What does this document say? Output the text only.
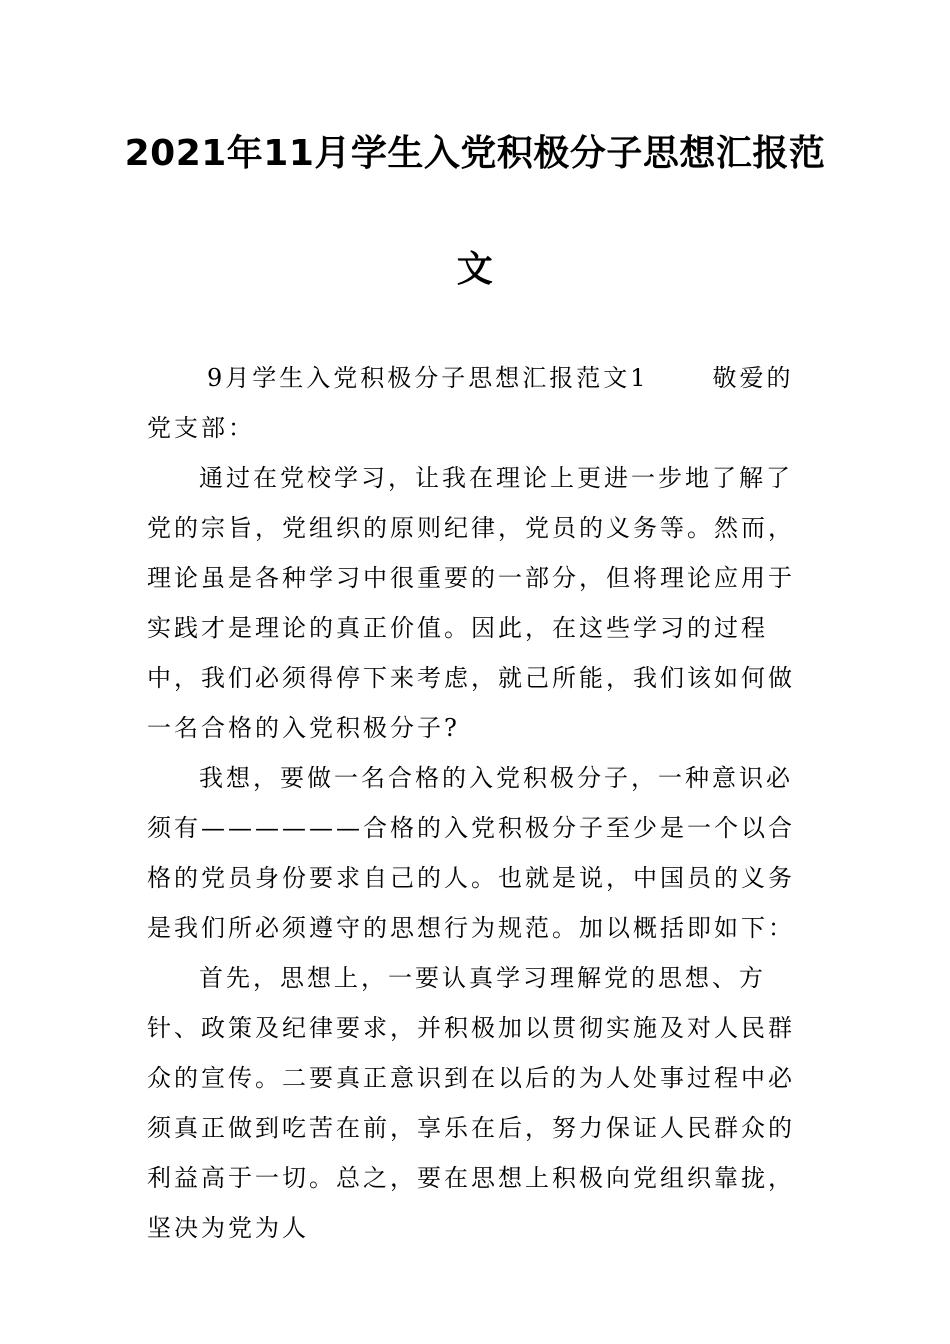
2021年11月学生入党积极分子思想汇报范
文

9月学生入党积极分子思想汇报范文1	敬爱的党支部：

通过在党校学习，让我在理论上更进一步地了解了党的宗旨，党组织的原则纪律，党员的义务等。然而，理论虽是各种学习中很重要的一部分，但将理论应用于实践才是理论的真正价值。因此，在这些学习的过程中，我们必须得停下来考虑，就己所能，我们该如何做一名合格的入党积极分子?

我想，要做一名合格的入党积极分子，一种意识必须有——————合格的入党积极分子至少是一个以合格的党员身份要求自己的人。也就是说，中国员的义务是我们所必须遵守的思想行为规范。加以概括即如下：

首先，思想上，一要认真学习理解党的思想、方针、政策及纪律要求，并积极加以贯彻实施及对人民群众的宣传。二要真正意识到在以后的为人处事过程中必须真正做到吃苦在前，享乐在后，努力保证人民群众的利益高于一切。总之，要在思想上积极向党组织靠拢，坚决为党为人
